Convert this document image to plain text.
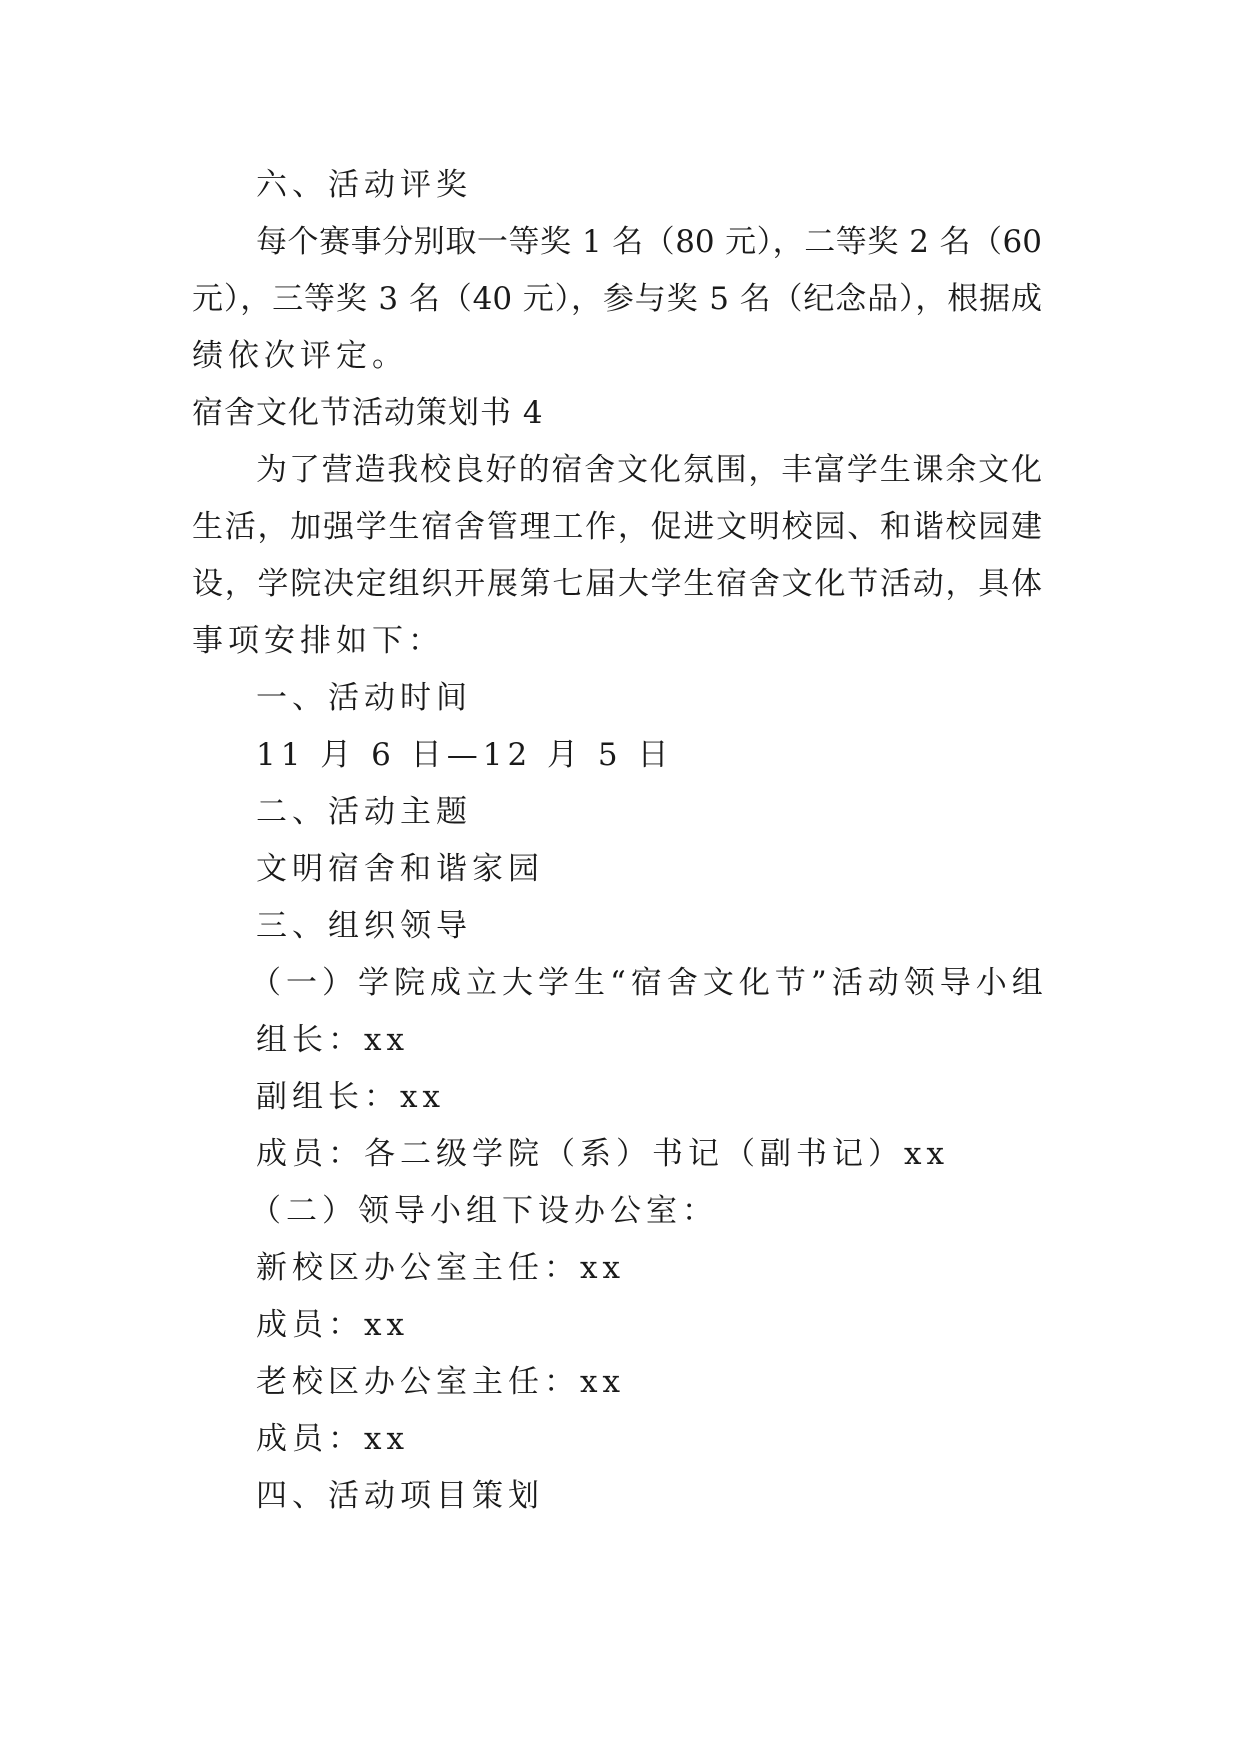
六、活动评奖
每个赛事分别取一等奖 1 名（80 元），二等奖 2 名（60
元），三等奖 3 名（40 元），参与奖 5 名（纪念品），根据成
绩依次评定。
宿舍文化节活动策划书 4
为了营造我校良好的宿舍文化氛围，丰富学生课余文化
生活，加强学生宿舍管理工作，促进文明校园、和谐校园建
设，学院决定组织开展第七届大学生宿舍文化节活动，具体
事项安排如下：
一、活动时间
11 月 6 日—12 月 5 日
二、活动主题
文明宿舍和谐家园
三、组织领导
（一）学院成立大学生“宿舍文化节”活动领导小组
组长：xx
副组长：xx
成员：各二级学院（系）书记（副书记）xx
（二）领导小组下设办公室：
新校区办公室主任：xx
成员：xx
老校区办公室主任：xx
成员：xx
四、活动项目策划
